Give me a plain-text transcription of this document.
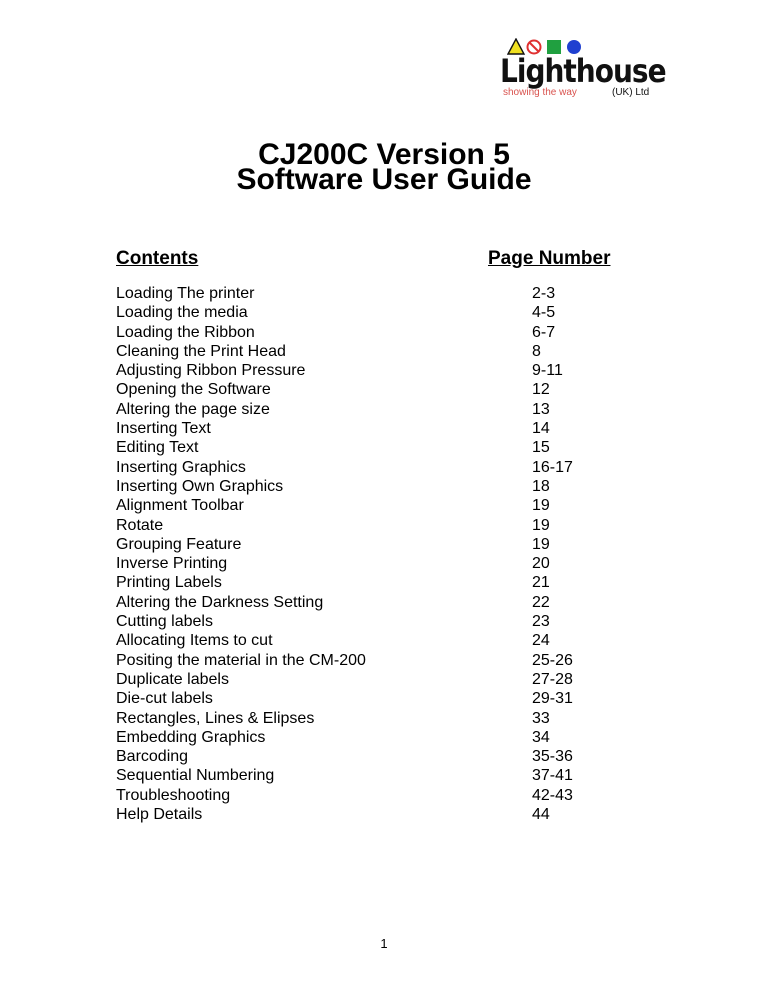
Lighthouse
showing the way	(UK) Ltd
CJ200C Version 5
Software User Guide
Contents	Page Number
Loading The printer	2-3
Loading the media	4-5
Loading the Ribbon	6-7
Cleaning the Print Head	8
Adjusting Ribbon Pressure	9-11
Opening the Software	12
Altering the page size	13
Inserting Text	14
Editing Text	15
Inserting Graphics	16-17
Inserting Own Graphics	18
Alignment Toolbar	19
Rotate	19
Grouping Feature	19
Inverse Printing	20
Printing Labels	21
Altering the Darkness Setting	22
Cutting labels	23
Allocating Items to cut	24
Positing the material in the CM-200	25-26
Duplicate labels	27-28
Die-cut labels	29-31
Rectangles, Lines & Elipses	33
Embedding Graphics	34
Barcoding	35-36
Sequential Numbering	37-41
Troubleshooting	42-43
Help Details	44
1
